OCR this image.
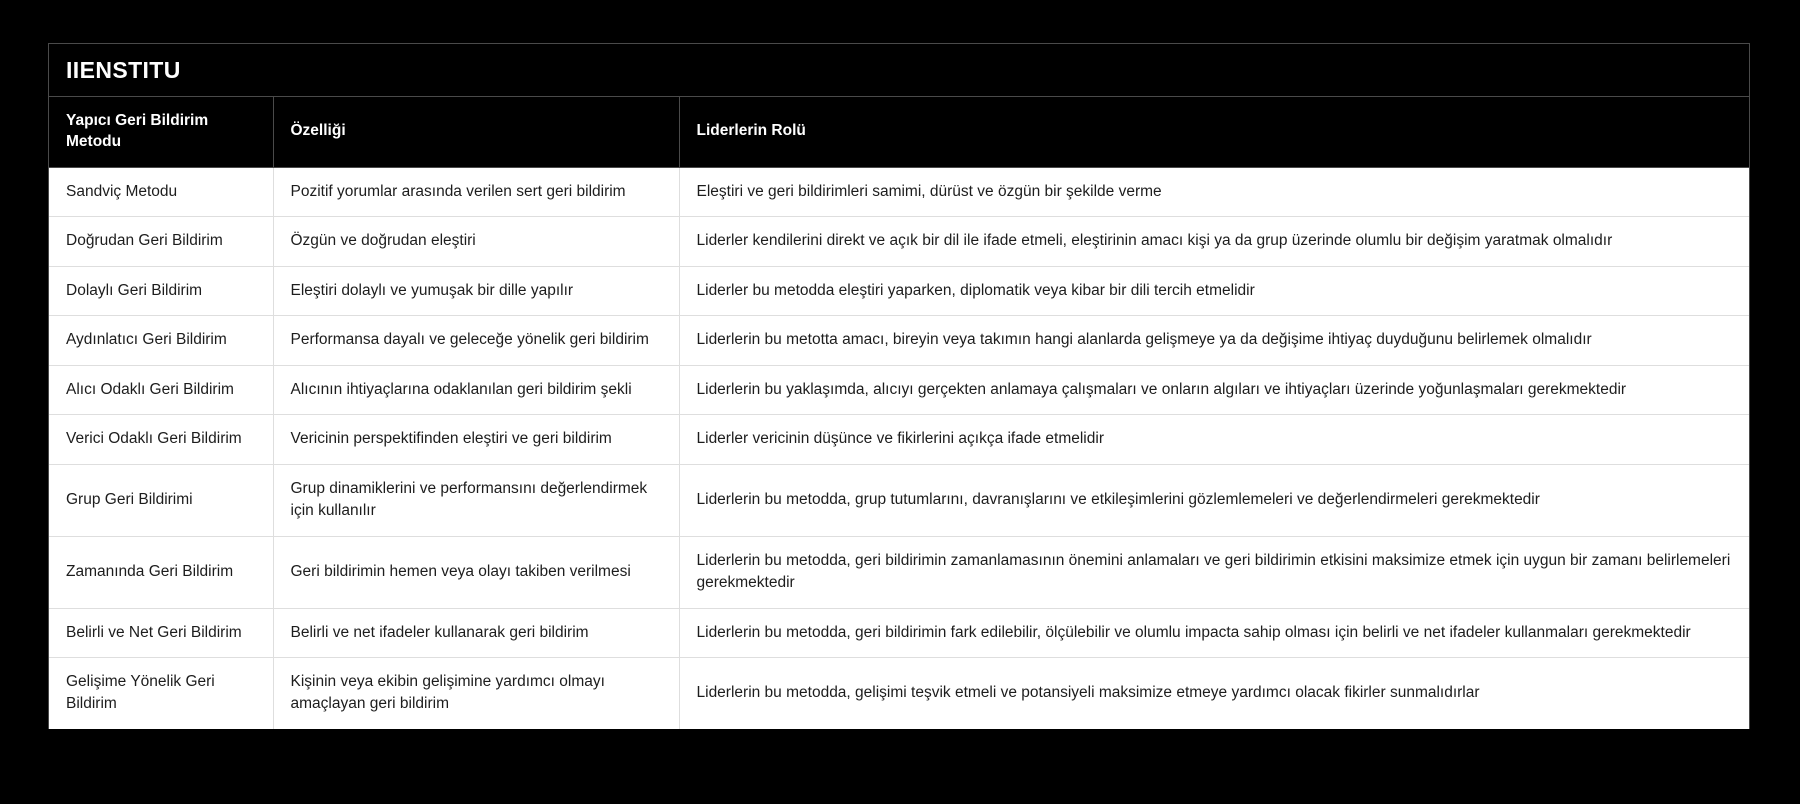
IIENSTITU
Yapıcı Geri Bildirim Metodu	Özelliği	Liderlerin Rolü
Sandviç Metodu	Pozitif yorumlar arasında verilen sert geri bildirim	Eleştiri ve geri bildirimleri samimi, dürüst ve özgün bir şekilde verme
Doğrudan Geri Bildirim	Özgün ve doğrudan eleştiri	Liderler kendilerini direkt ve açık bir dil ile ifade etmeli, eleştirinin amacı kişi ya da grup üzerinde olumlu bir değişim yaratmak olmalıdır
Dolaylı Geri Bildirim	Eleştiri dolaylı ve yumuşak bir dille yapılır	Liderler bu metodda eleştiri yaparken, diplomatik veya kibar bir dili tercih etmelidir
Aydınlatıcı Geri Bildirim	Performansa dayalı ve geleceğe yönelik geri bildirim	Liderlerin bu metotta amacı, bireyin veya takımın hangi alanlarda gelişmeye ya da değişime ihtiyaç duyduğunu belirlemek olmalıdır
Alıcı Odaklı Geri Bildirim	Alıcının ihtiyaçlarına odaklanılan geri bildirim şekli	Liderlerin bu yaklaşımda, alıcıyı gerçekten anlamaya çalışmaları ve onların algıları ve ihtiyaçları üzerinde yoğunlaşmaları gerekmektedir
Verici Odaklı Geri Bildirim	Vericinin perspektifinden eleştiri ve geri bildirim	Liderler vericinin düşünce ve fikirlerini açıkça ifade etmelidir
Grup Geri Bildirimi	Grup dinamiklerini ve performansını değerlendirmek için kullanılır	Liderlerin bu metodda, grup tutumlarını, davranışlarını ve etkileşimlerini gözlemlemeleri ve değerlendirmeleri gerekmektedir
Zamanında Geri Bildirim	Geri bildirimin hemen veya olayı takiben verilmesi	Liderlerin bu metodda, geri bildirimin zamanlamasının önemini anlamaları ve geri bildirimin etkisini maksimize etmek için uygun bir zamanı belirlemeleri gerekmektedir
Belirli ve Net Geri Bildirim	Belirli ve net ifadeler kullanarak geri bildirim	Liderlerin bu metodda, geri bildirimin fark edilebilir, ölçülebilir ve olumlu impacta sahip olması için belirli ve net ifadeler kullanmaları gerekmektedir
Gelişime Yönelik Geri Bildirim	Kişinin veya ekibin gelişimine yardımcı olmayı amaçlayan geri bildirim	Liderlerin bu metodda, gelişimi teşvik etmeli ve potansiyeli maksimize etmeye yardımcı olacak fikirler sunmalıdırlar
